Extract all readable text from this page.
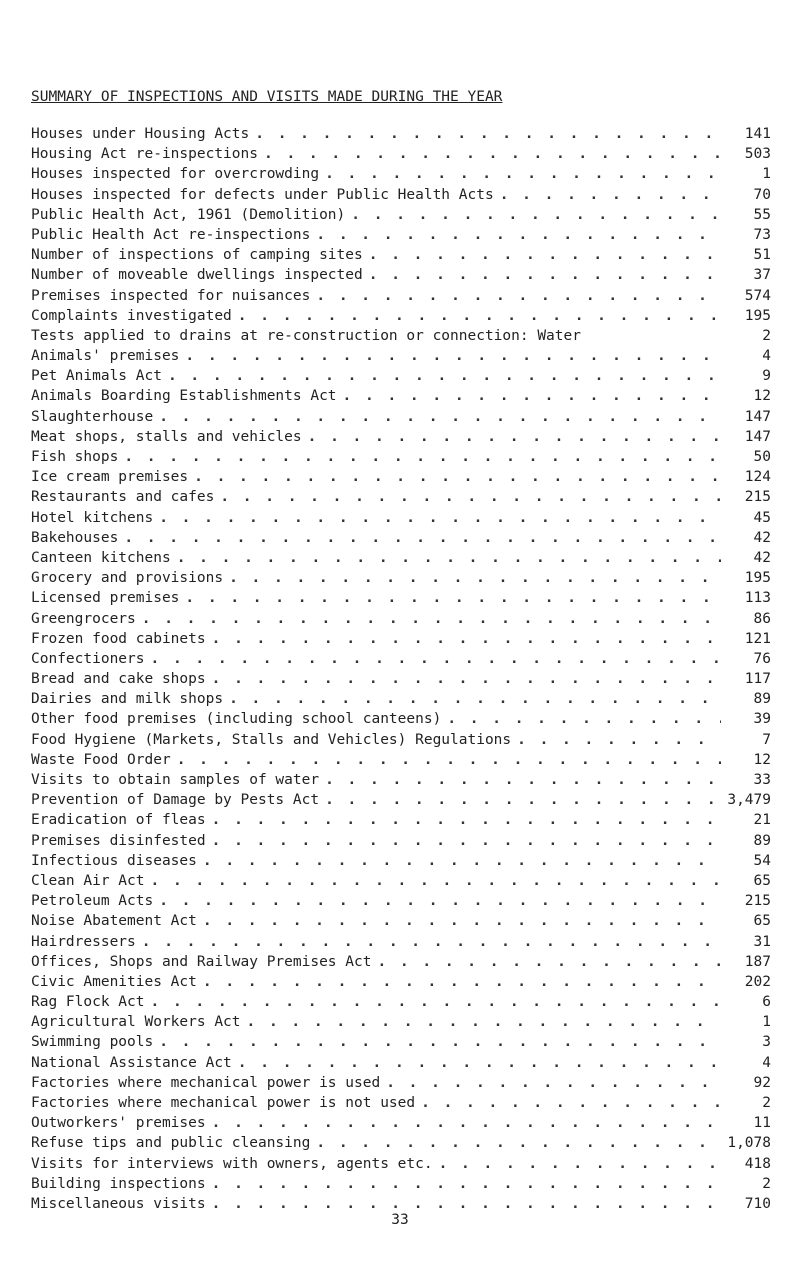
SUMMARY OF INSPECTIONS AND VISITS MADE DURING THE YEAR
Houses under Housing Acts . . .	141
Housing Act re-inspections . . .	503
Houses inspected for overcrowding . . .	1
Houses inspected for defects under Public Health Acts . . .	70
Public Health Act, 1961 (Demolition) . . .	55
Public Health Act re-inspections . . .	73
Number of inspections of camping sites . . .	51
Number of moveable dwellings inspected . . .	37
Premises inspected for nuisances . . .	574
Complaints investigated . . .	195
Tests applied to drains at re-construction or connection: Water	2
Animals' premises . . .	4
Pet Animals Act . . .	9
Animals Boarding Establishments Act . . .	12
Slaughterhouse . . .	147
Meat shops, stalls and vehicles . . .	147
Fish shops . . .	50
Ice cream premises . . .	124
Restaurants and cafes . . .	215
Hotel kitchens . . .	45
Bakehouses . . .	42
Canteen kitchens . . .	42
Grocery and provisions . . .	195
Licensed premises . . .	113
Greengrocers . . .	86
Frozen food cabinets . . .	121
Confectioners . . .	76
Bread and cake shops . . .	117
Dairies and milk shops . . .	89
Other food premises (including school canteens) . . .	39
Food Hygiene (Markets, Stalls and Vehicles) Regulations . . .	7
Waste Food Order . . .	12
Visits to obtain samples of water . . .	33
Prevention of Damage by Pests Act . . .	3,479
Eradication of fleas . . .	21
Premises disinfested . . .	89
Infectious diseases . . .	54
Clean Air Act . . .	65
Petroleum Acts . . .	215
Noise Abatement Act . . .	65
Hairdressers . . .	31
Offices, Shops and Railway Premises Act . . .	187
Civic Amenities Act . . .	202
Rag Flock Act . . .	6
Agricultural Workers Act . . .	1
Swimming pools . . .	3
National Assistance Act . . .	4
Factories where mechanical power is used . . .	92
Factories where mechanical power is not used . . .	2
Outworkers' premises . . .	11
Refuse tips and public cleansing . . .	1,078
Visits for interviews with owners, agents etc. . . .	418
Building inspections . . .	2
Miscellaneous visits . . .	710
33
